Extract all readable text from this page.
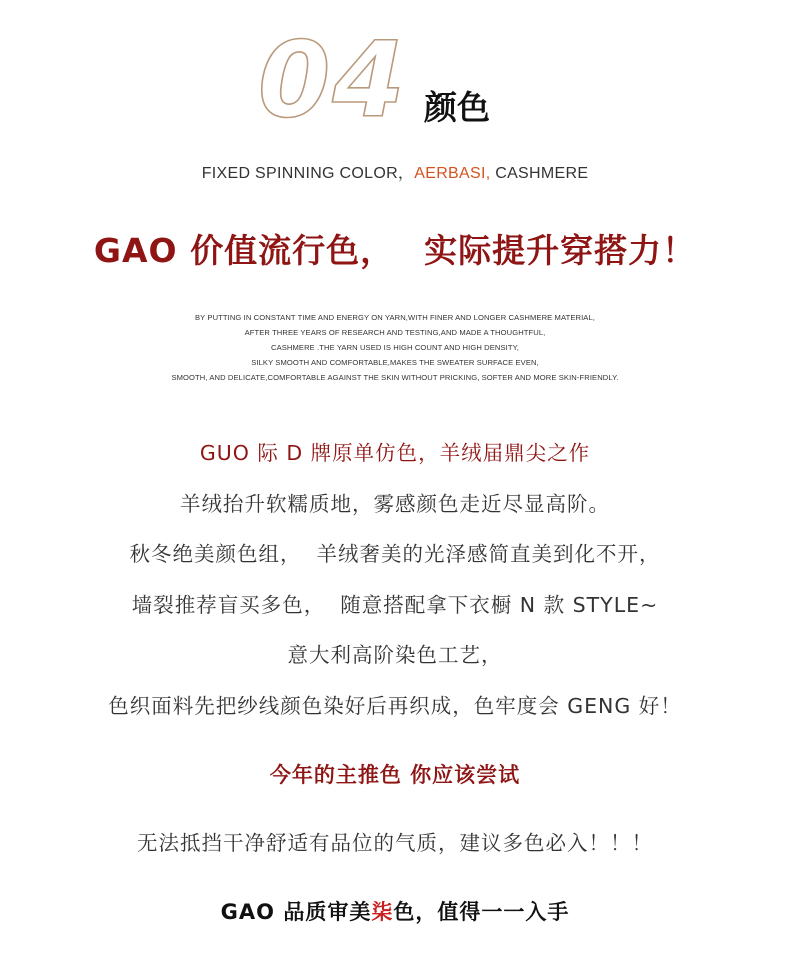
04 颜色
FIXED SPINNING COLOR，AERBASI, CASHMERE
GAO 价值流行色， 实际提升穿搭力！
BY PUTTING IN CONSTANT TIME AND ENERGY ON YARN,WITH FINER AND LONGER CASHMERE MATERIAL,
AFTER THREE YEARS OF RESEARCH AND TESTING,AND MADE A THOUGHTFUL,
CASHMERE .THE YARN USED IS HIGH COUNT AND HIGH DENSITY,
SILKY SMOOTH AND COMFORTABLE,MAKES THE SWEATER SURFACE EVEN,
SMOOTH, AND DELICATE,COMFORTABLE AGAINST THE SKIN WITHOUT PRICKING, SOFTER AND MORE SKIN-FRIENDLY.
GUO 际 D 牌原单仿色，羊绒届鼎尖之作
羊绒抬升软糯质地，雾感颜色走近尽显高阶。
秋冬绝美颜色组，  羊绒奢美的光泽感简直美到化不开，
墙裂推荐盲买多色，  随意搭配拿下衣橱 N 款 STYLE~
意大利高阶染色工艺，
色织面料先把纱线颜色染好后再织成，色牢度会 GENG 好！
今年的主推色 你应该尝试
无法抵挡干净舒适有品位的气质，建议多色必入！！！
GAO 品质审美柒色，值得一一入手
